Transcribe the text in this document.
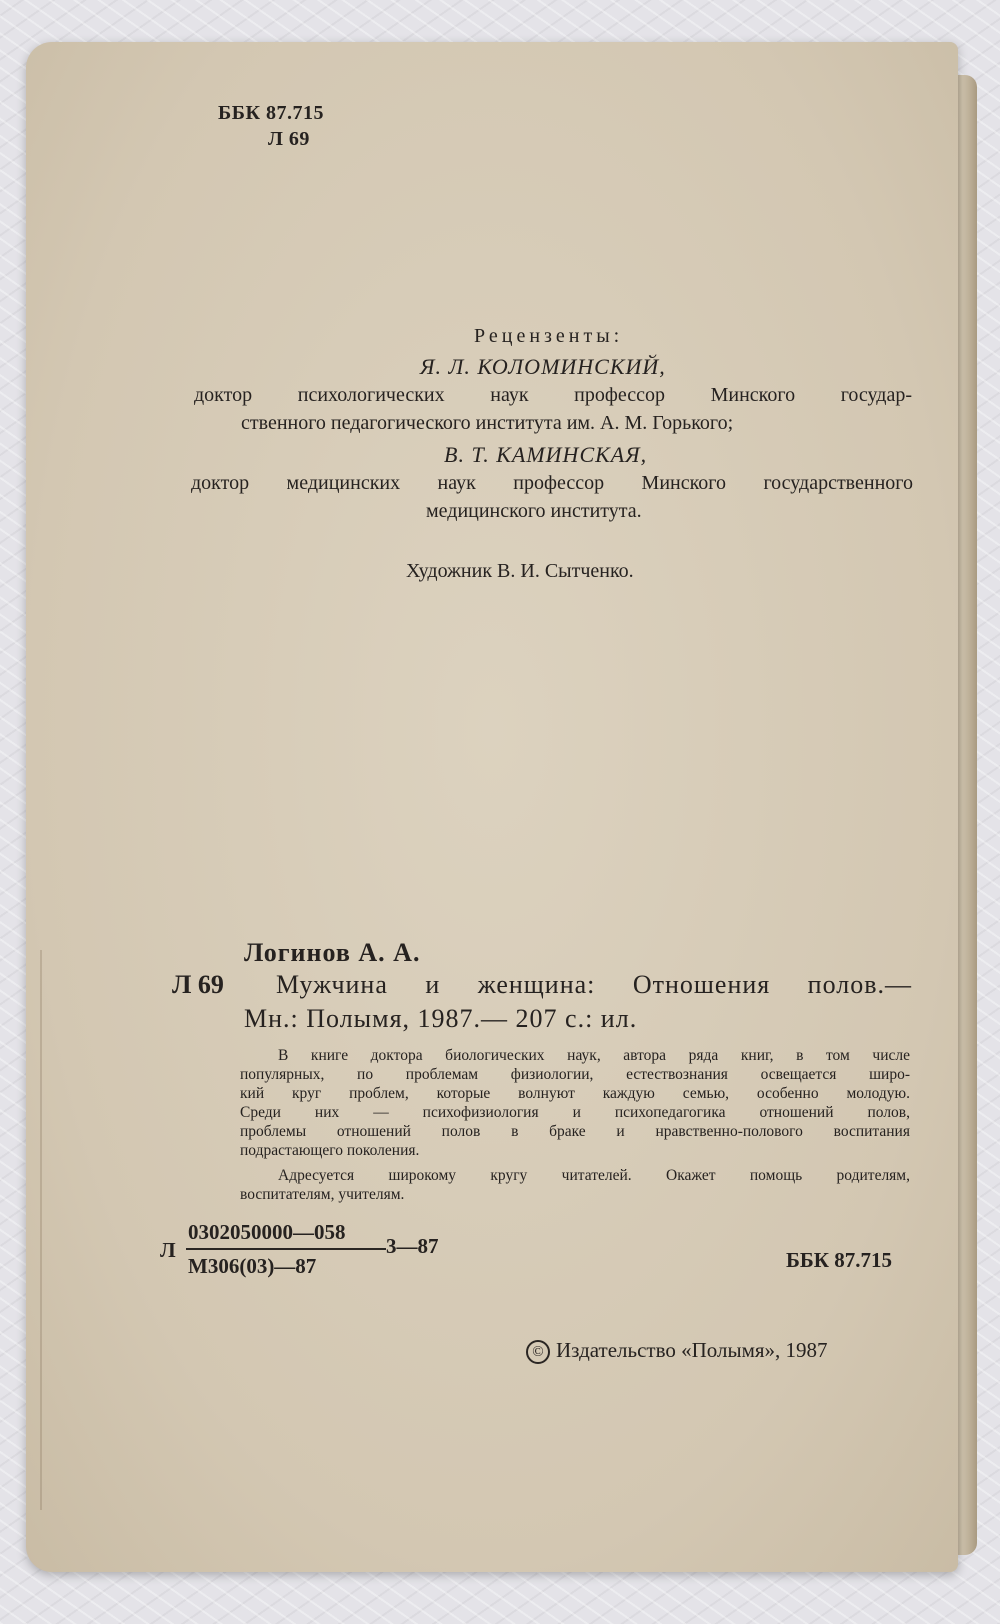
ББК 87.715
Л 69
Рецензенты:
Я. Л. КОЛОМИНСКИЙ,
доктор психологических наук профессор Минского государ-
ственного педагогического института им. А. М. Горького;
В. Т. КАМИНСКАЯ,
доктор медицинских наук профессор Минского государственного
медицинского института.
Художник В. И. Сытченко.
Логинов А. А.
Л 69 Мужчина и женщина: Отношения полов.—
Мн.: Полымя, 1987.— 207 с.: ил.
В книге доктора биологических наук, автора ряда книг, в том числе
популярных, по проблемам физиологии, естествознания освещается широ-
кий круг проблем, которые волнуют каждую семью, особенно молодую.
Среди них — психофизиология и психопедагогика отношений полов,
проблемы отношений полов в браке и нравственно-полового воспитания
подрастающего поколения.
Адресуется широкому кругу читателей. Окажет помощь родителям,
воспитателям, учителям.
Л
0302050000—058
М306(03)—87
3—87
ББК 87.715
© Издательство «Полымя», 1987
